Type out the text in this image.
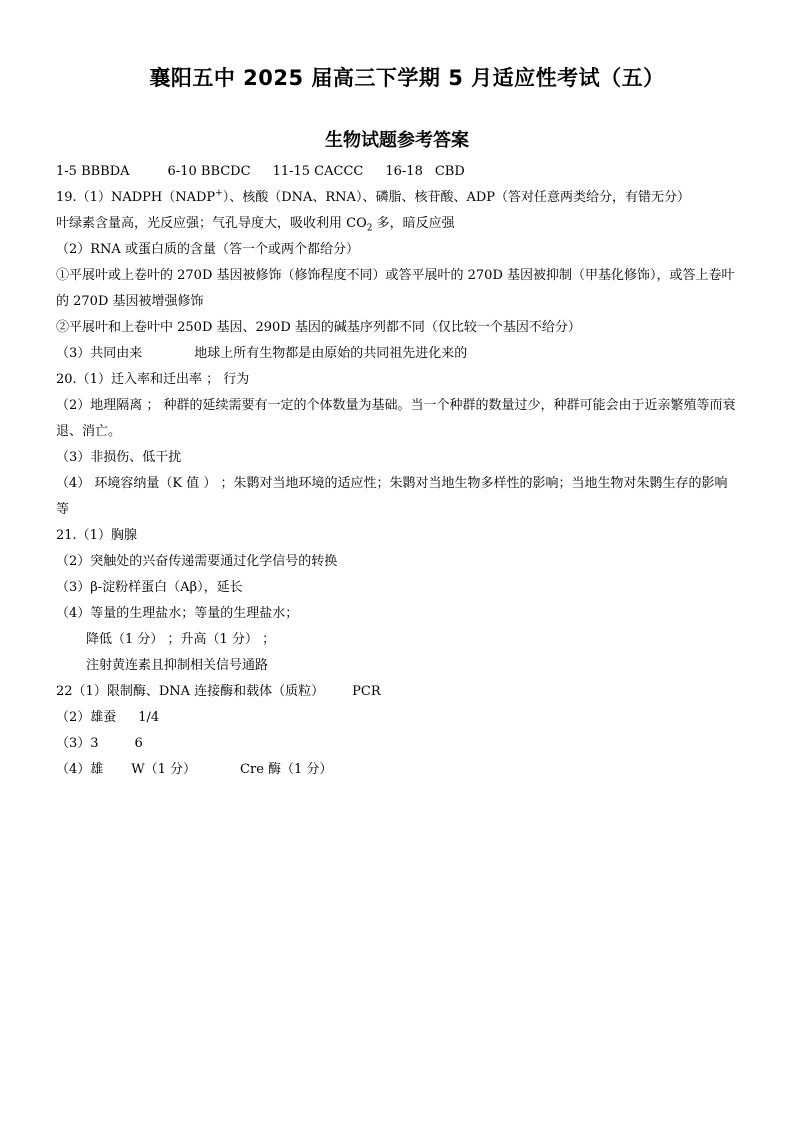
襄阳五中 2025 届高三下学期 5 月适应性考试（五）
生物试题参考答案
1-5 BBBDA	6-10 BBCDC 11-15 CACCC 16-18 CBD
19.（1）NADPH（NADP+）、核酸（DNA、RNA）、磷脂、核苷酸、ADP（答对任意两类给分，有错无分）
叶绿素含量高，光反应强；气孔导度大，吸收利用 $CO_2$ 多，暗反应强
（2）RNA 或蛋白质的含量（答一个或两个都给分）
①平展叶或上卷叶的 270D 基因被修饰（修饰程度不同）或答平展叶的 270D 基因被抑制（甲基化修饰），或答上卷叶的 270D 基因被增强修饰
②平展叶和上卷叶中 250D 基因、290D 基因的碱基序列都不同（仅比较一个基因不给分）
（3）共同由来	地球上所有生物都是由原始的共同祖先进化来的
20.（1）迁入率和迁出率 ； 行为
（2）地理隔离 ； 种群的延续需要有一定的个体数量为基础。当一个种群的数量过少，种群可能会由于近亲繁殖等而衰退、消亡。
（3）非损伤、低干扰
（4） 环境容纳量（K 值 ） ；朱鹮对当地环境的适应性；朱鹮对当地生物多样性的影响；当地生物对朱鹮生存的影响等
21.（1）胸腺
（2）突触处的兴奋传递需要通过化学信号的转换
（3）β-淀粉样蛋白（Aβ），延长
（4）等量的生理盐水；等量的生理盐水；
降低（1 分） ；升高（1 分） ；
注射黄连素且抑制相关信号通路
22（1）限制酶、DNA 连接酶和载体（质粒） PCR
（2）雄蚕 1/4
（3）3	6
（4）雄 W（1 分）	Cre 酶（1 分）
